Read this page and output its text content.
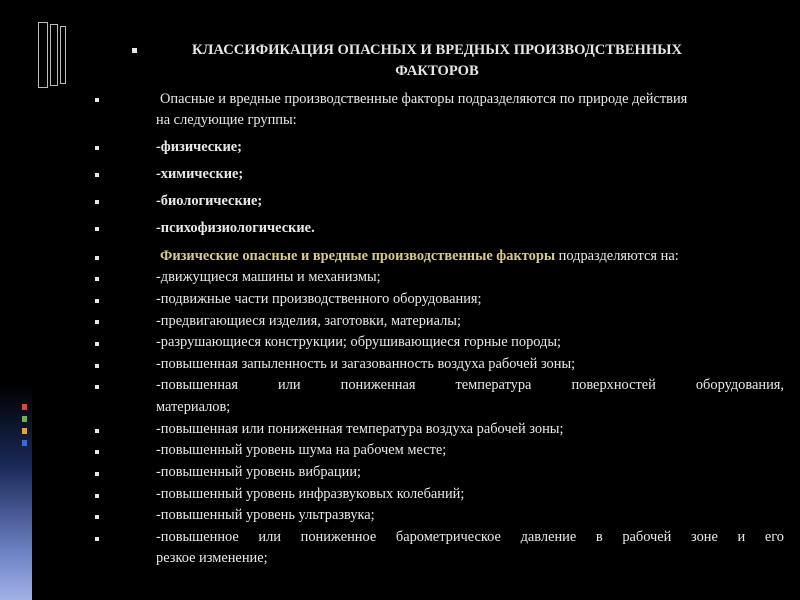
КЛАССИФИКАЦИЯ ОПАСНЫХ И ВРЕДНЫХ ПРОИЗВОДСТВЕННЫХ
ФАКТОРОВ
Опасные и вредные производственные факторы подразделяются по природе действия
на следующие группы:
-физические;
-химические;
-биологические;
-психофизиологические.
Физические опасные и вредные производственные факторы подразделяются на:
-движущиеся машины и механизмы;
-подвижные части производственного оборудования;
-предвигающиеся изделия, заготовки, материалы;
-разрушающиеся конструкции; обрушивающиеся горные породы;
-повышенная запыленность и загазованность воздуха рабочей зоны;
-повышенная или пониженная температура поверхностей оборудования,
материалов;
-повышенная или пониженная температура воздуха рабочей зоны;
-повышенный уровень шума на рабочем месте;
-повышенный уровень вибрации;
-повышенный уровень инфразвуковых колебаний;
-повышенный уровень ультразвука;
-повышенное или пониженное барометрическое давление в рабочей зоне и его
резкое изменение;
